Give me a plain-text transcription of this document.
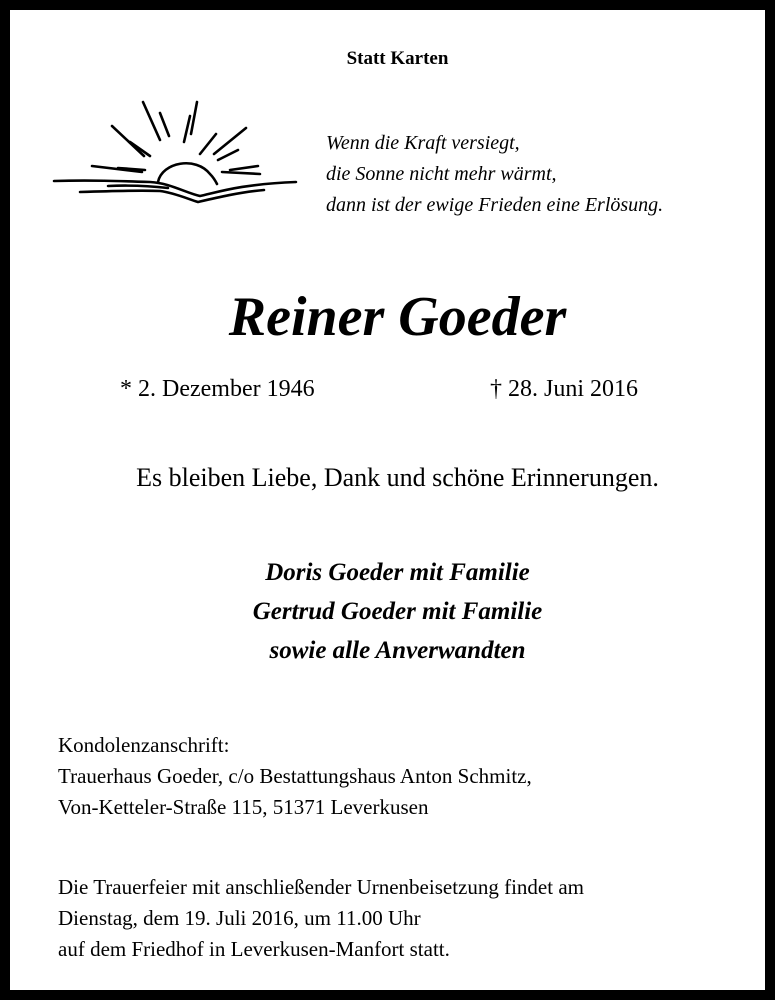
Statt Karten
Wenn die Kraft versiegt,
die Sonne nicht mehr wärmt,
dann ist der ewige Frieden eine Erlösung.
Reiner Goeder
* 2. Dezember 1946	† 28. Juni 2016
Es bleiben Liebe, Dank und schöne Erinnerungen.
Doris Goeder mit Familie
Gertrud Goeder mit Familie
sowie alle Anverwandten
Kondolenzanschrift:
Trauerhaus Goeder, c/o Bestattungshaus Anton Schmitz,
Von-Ketteler-Straße 115, 51371 Leverkusen
Die Trauerfeier mit anschließender Urnenbeisetzung findet am
Dienstag, dem 19. Juli 2016, um 11.00 Uhr
auf dem Friedhof in Leverkusen-Manfort statt.
